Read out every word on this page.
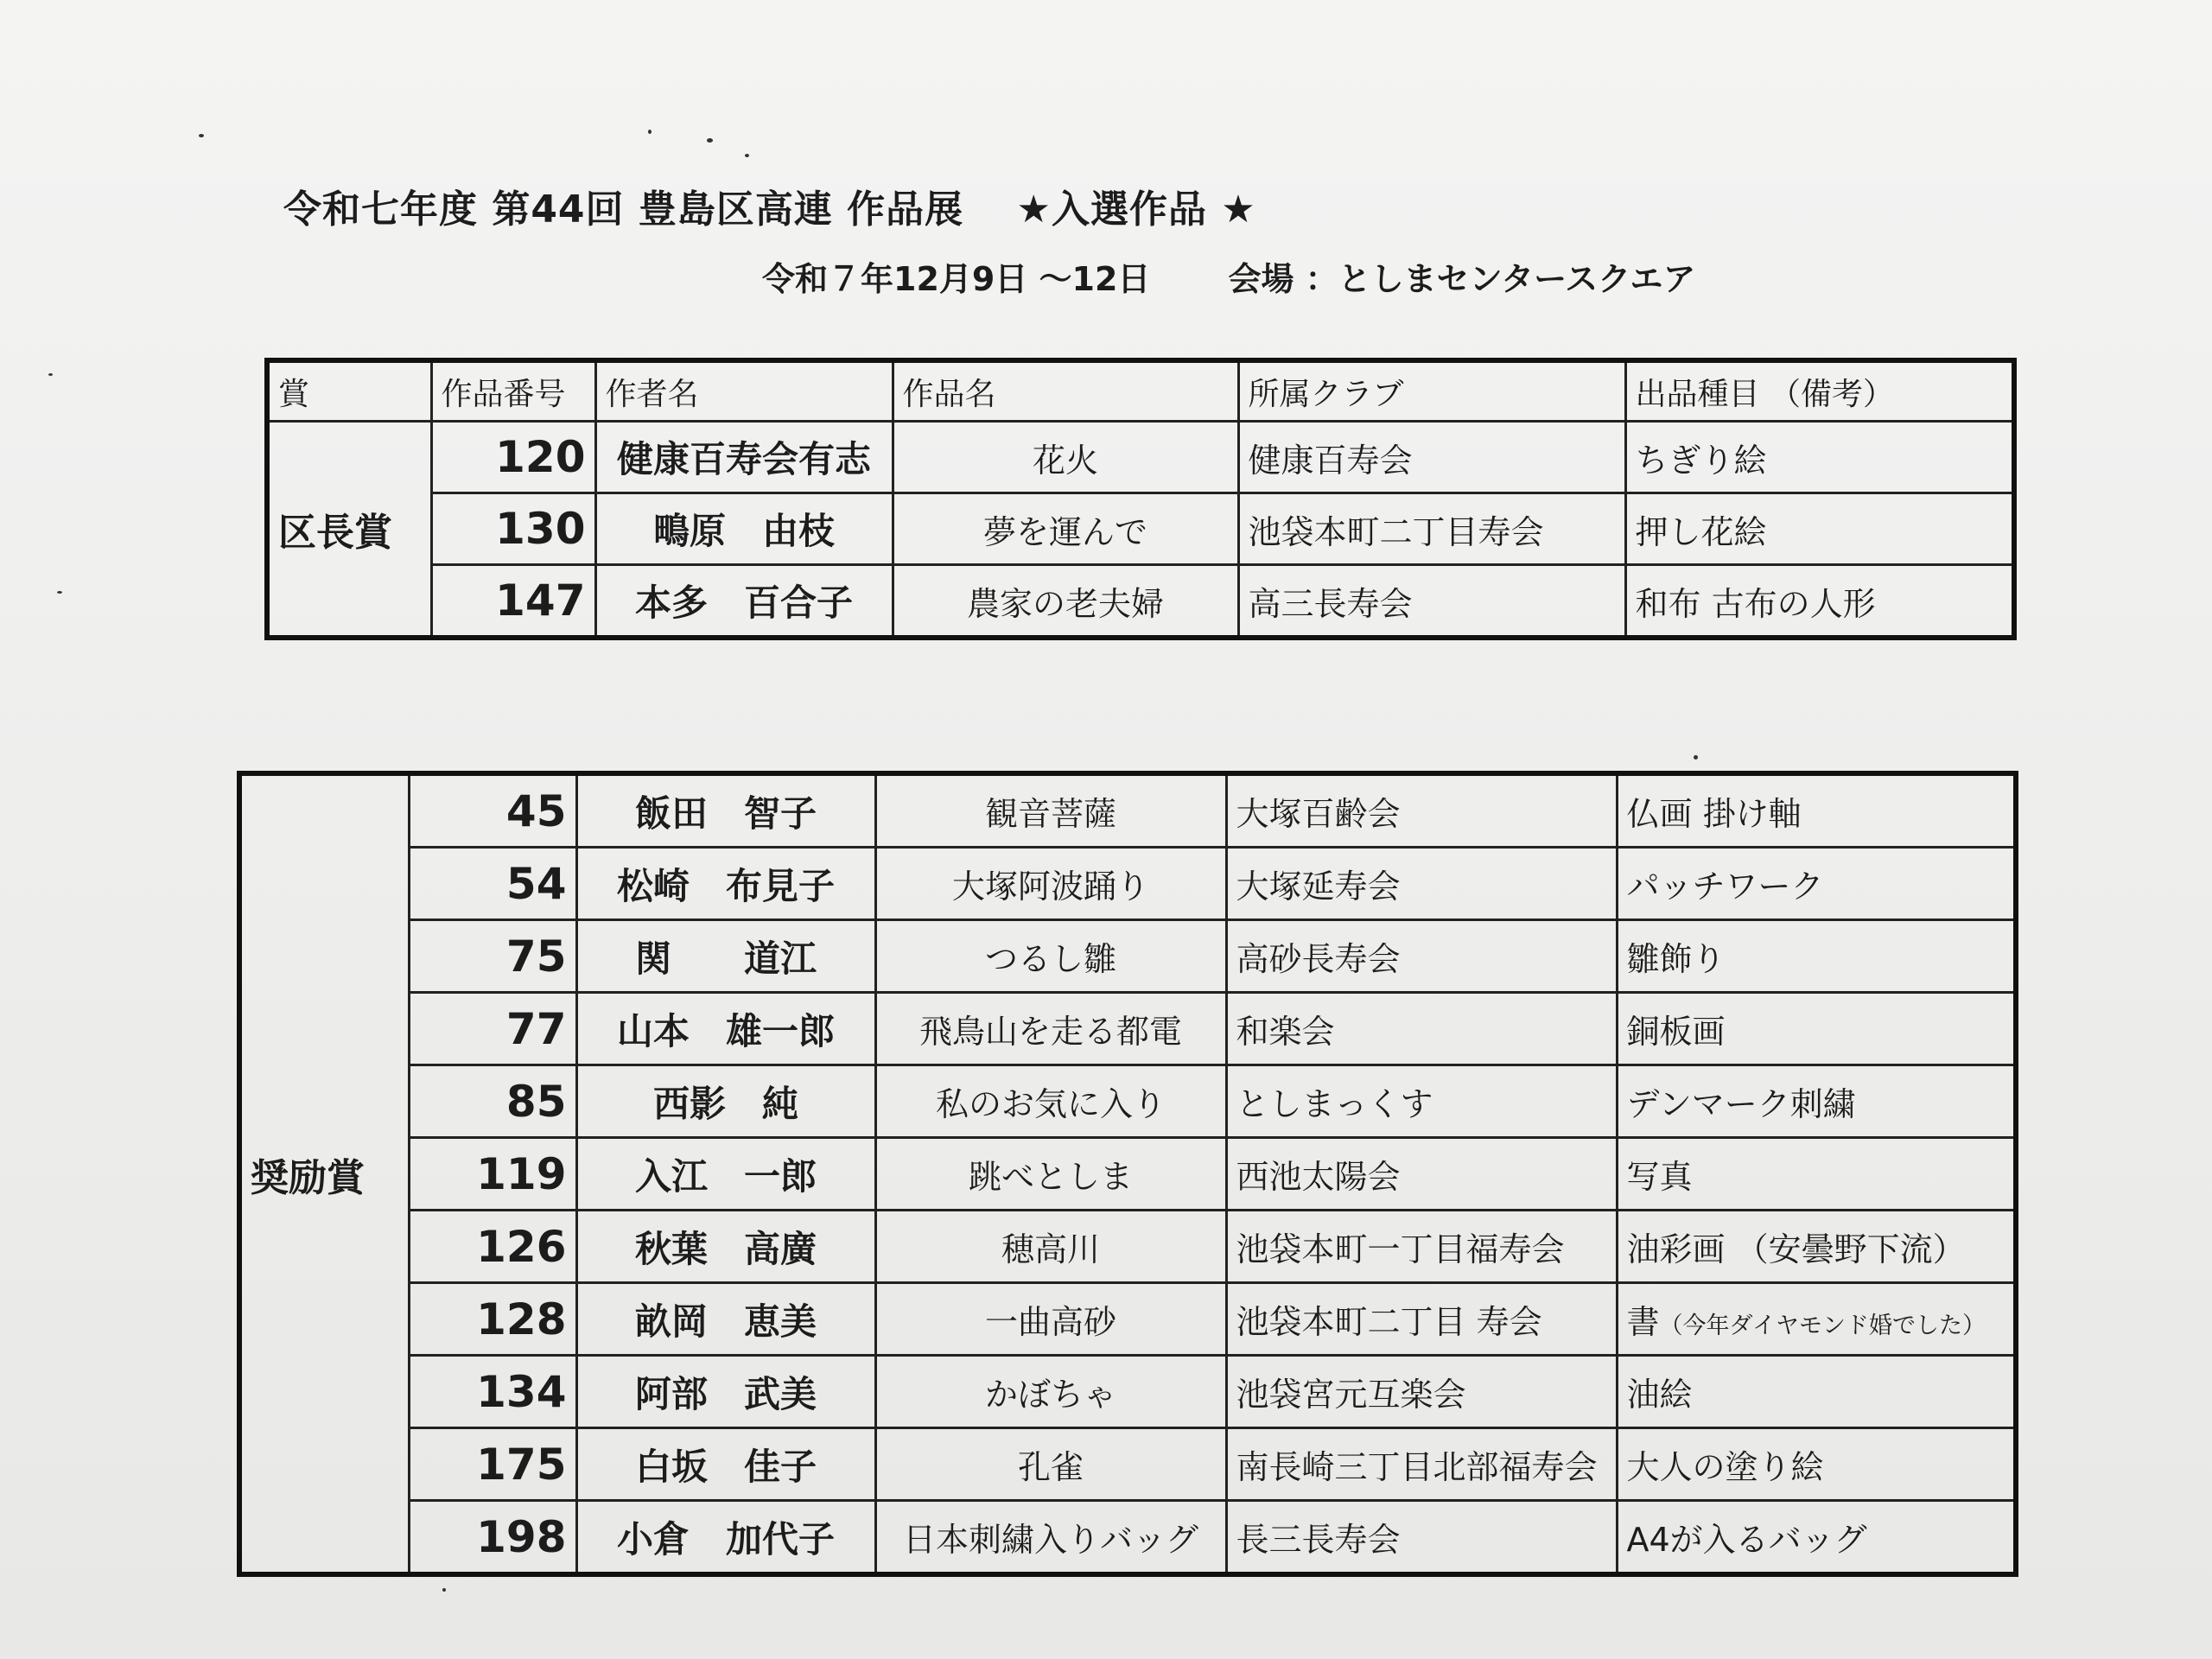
令和七年度 第44回 豊島区高連 作品展　 ★入選作品 ★
令和７年12月9日 〜12日 会場 ：としまセンタースクエア
賞	作品番号	作者名	作品名	所属クラブ	出品種目 （備考）
区長賞	120	健康百寿会有志	花火	健康百寿会	ちぎり絵
	130	鴫原　由枝	夢を運んで	池袋本町二丁目寿会	押し花絵
	147	本多　百合子	農家の老夫婦	高三長寿会	和布 古布の人形
奨励賞	45	飯田　智子	観音菩薩	大塚百齢会	仏画 掛け軸
	54	松崎　布見子	大塚阿波踊り	大塚延寿会	パッチワーク
	75	関　　道江	つるし雛	高砂長寿会	雛飾り
	77	山本　雄一郎	飛鳥山を走る都電	和楽会	銅板画
	85	西影　純	私のお気に入り	としまっくす	デンマーク刺繍
	119	入江　一郎	跳べとしま	西池太陽会	写真
	126	秋葉　高廣	穂高川	池袋本町一丁目福寿会	油彩画 （安曇野下流）
	128	畝岡　恵美	一曲高砂	池袋本町二丁目 寿会	書（今年ダイヤモンド婚でした）
	134	阿部　武美	かぼちゃ	池袋宮元互楽会	油絵
	175	白坂　佳子	孔雀	南長崎三丁目北部福寿会	大人の塗り絵
	198	小倉　加代子	日本刺繍入りバッグ	長三長寿会	A4が入るバッグ
